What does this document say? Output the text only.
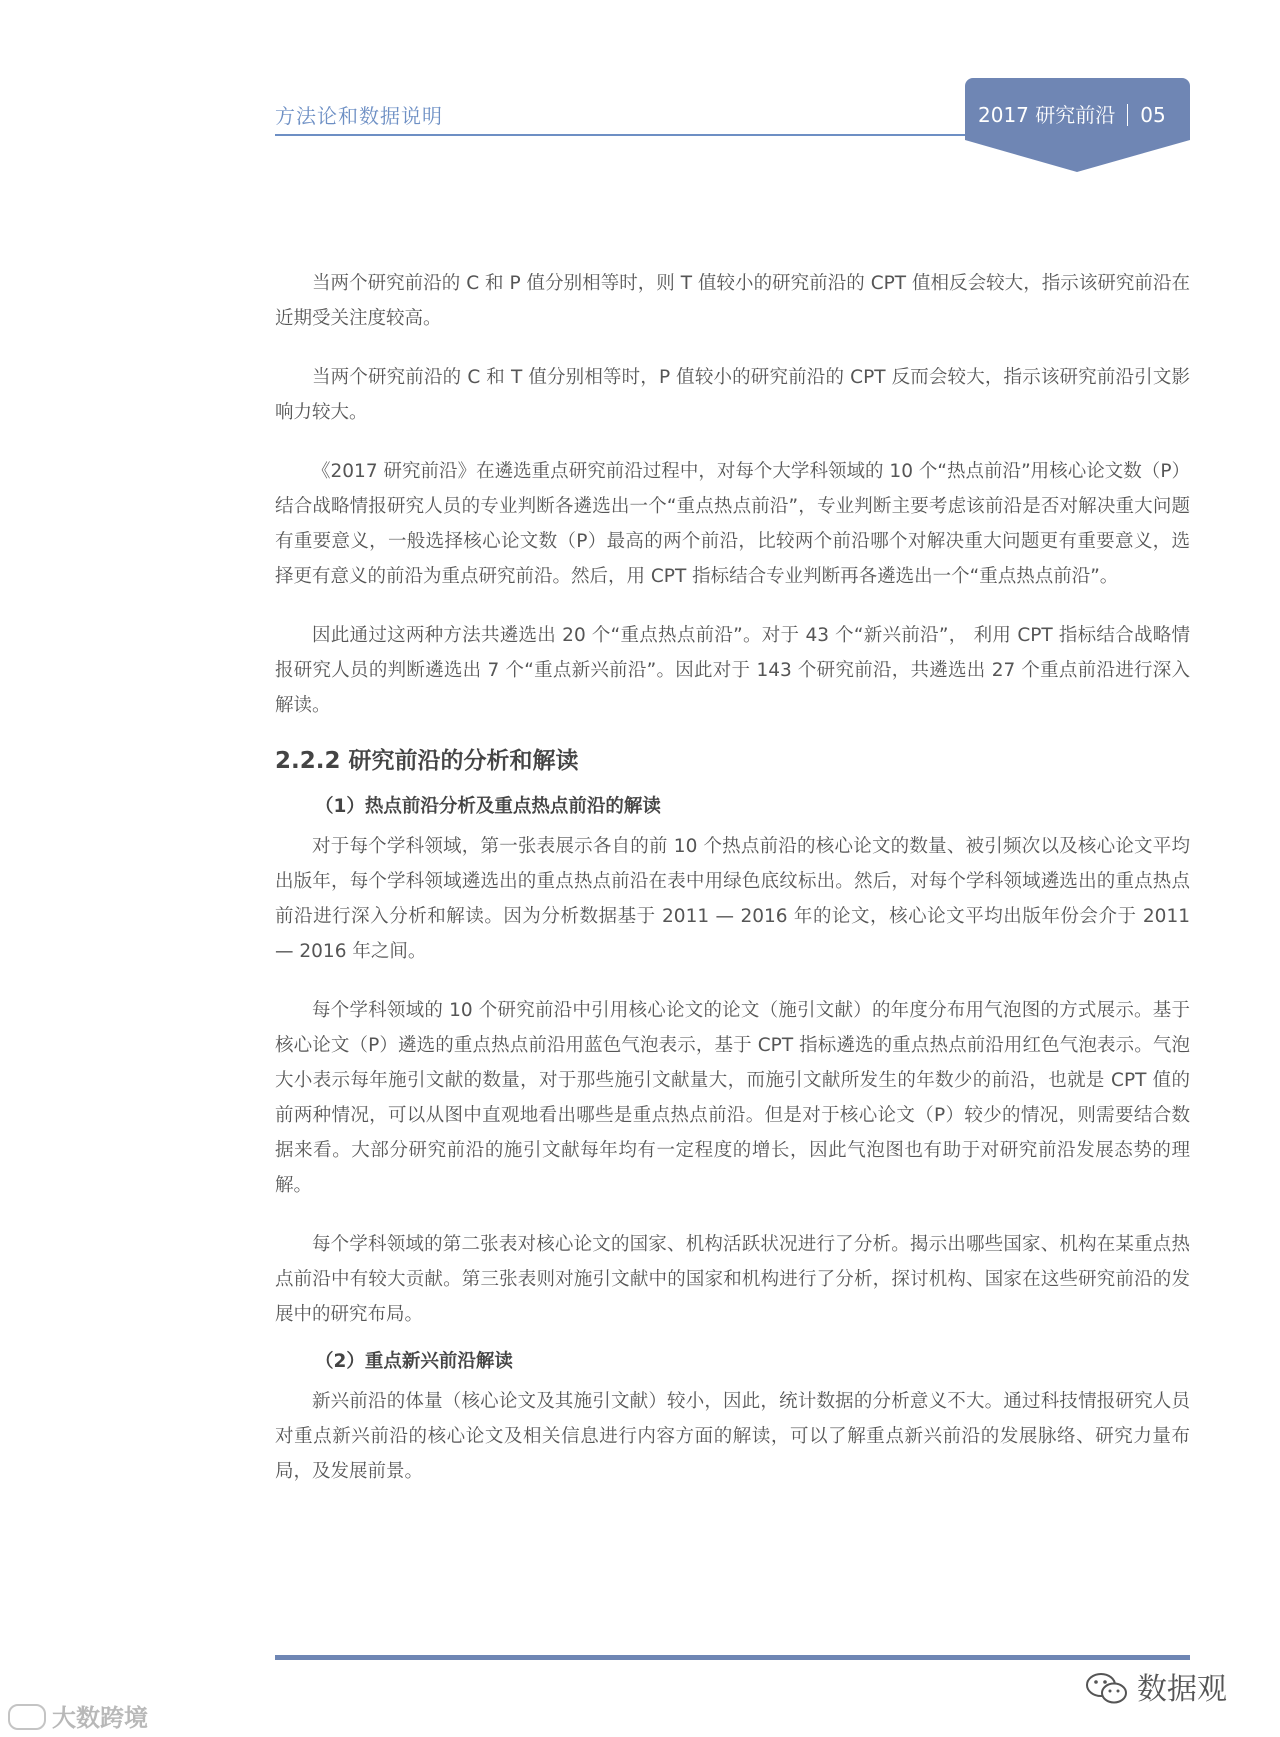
方法论和数据说明	2017 研究前沿 05

当两个研究前沿的 C 和 P 值分别相等时，则 T 值较小的研究前沿的 CPT 值相反会较大，指示该研究前沿在近期受关注度较高。

当两个研究前沿的 C 和 T 值分别相等时，P 值较小的研究前沿的 CPT 反而会较大，指示该研究前沿引文影响力较大。

《2017 研究前沿》在遴选重点研究前沿过程中，对每个大学科领域的 10 个“热点前沿”用核心论文数（P）结合战略情报研究人员的专业判断各遴选出一个“重点热点前沿”，专业判断主要考虑该前沿是否对解决重大问题有重要意义，一般选择核心论文数（P）最高的两个前沿，比较两个前沿哪个对解决重大问题更有重要意义，选择更有意义的前沿为重点研究前沿。然后，用 CPT 指标结合专业判断再各遴选出一个“重点热点前沿”。

因此通过这两种方法共遴选出 20 个“重点热点前沿”。对于 43 个“新兴前沿”， 利用 CPT 指标结合战略情报研究人员的判断遴选出 7 个“重点新兴前沿”。因此对于 143 个研究前沿，共遴选出 27 个重点前沿进行深入解读。

2.2.2 研究前沿的分析和解读
（1）热点前沿分析及重点热点前沿的解读

对于每个学科领域，第一张表展示各自的前 10 个热点前沿的核心论文的数量、被引频次以及核心论文平均出版年，每个学科领域遴选出的重点热点前沿在表中用绿色底纹标出。然后，对每个学科领域遴选出的重点热点前沿进行深入分析和解读。因为分析数据基于 2011 — 2016 年的论文，核心论文平均出版年份会介于 2011 — 2016 年之间。

每个学科领域的 10 个研究前沿中引用核心论文的论文（施引文献）的年度分布用气泡图的方式展示。基于核心论文（P）遴选的重点热点前沿用蓝色气泡表示，基于 CPT 指标遴选的重点热点前沿用红色气泡表示。气泡大小表示每年施引文献的数量，对于那些施引文献量大，而施引文献所发生的年数少的前沿，也就是 CPT 值的前两种情况，可以从图中直观地看出哪些是重点热点前沿。但是对于核心论文（P）较少的情况，则需要结合数据来看。大部分研究前沿的施引文献每年均有一定程度的增长，因此气泡图也有助于对研究前沿发展态势的理解。

每个学科领域的第二张表对核心论文的国家、机构活跃状况进行了分析。揭示出哪些国家、机构在某重点热点前沿中有较大贡献。第三张表则对施引文献中的国家和机构进行了分析，探讨机构、国家在这些研究前沿的发展中的研究布局。

（2）重点新兴前沿解读

新兴前沿的体量（核心论文及其施引文献）较小，因此，统计数据的分析意义不大。通过科技情报研究人员对重点新兴前沿的核心论文及相关信息进行内容方面的解读，可以了解重点新兴前沿的发展脉络、研究力量布局，及发展前景。

大数跨境
数据观
